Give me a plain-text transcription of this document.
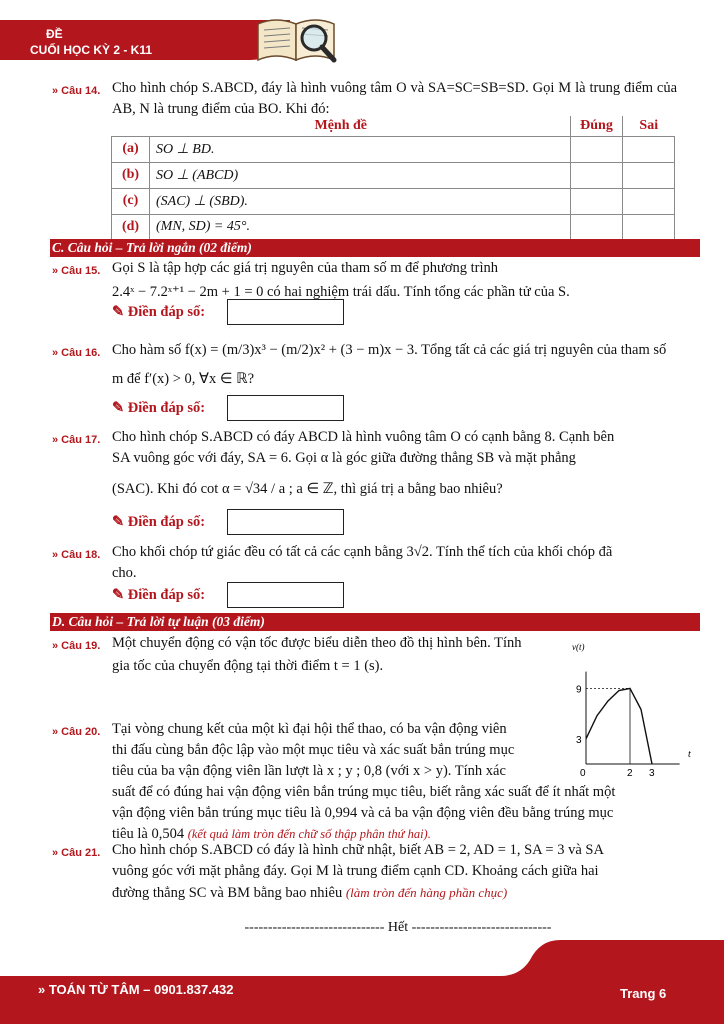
ĐỀ
CUỐI HỌC KỲ 2 - K11
» Câu 14. Cho hình chóp S.ABCD, đáy là hình vuông tâm O và SA=SC=SB=SD. Gọi M là trung điểm của AB, N là trung điểm của BO. Khi đó:
Mệnh đề		Đúng	Sai
(a)	SO ⊥ BD.		
(b)	SO ⊥ (ABCD)		
(c)	(SAC) ⊥ (SBD).		
(d)	(MN, SD) = 45°.		
C. Câu hỏi – Trả lời ngắn (02 điểm)
» Câu 15. Gọi S là tập hợp các giá trị nguyên của tham số m để phương trình
2.4ˣ − 7.2ˣ⁺¹ − 2m + 1 = 0 có hai nghiệm trái dấu. Tính tổng các phần tử của S.
✎ Điền đáp số:
» Câu 16. Cho hàm số f(x) = (m/3)x³ − (m/2)x² + (3 − m)x − 3. Tổng tất cả các giá trị nguyên của tham số
m để f′(x) > 0, ∀x ∈ ℝ?
✎ Điền đáp số:
» Câu 17. Cho hình chóp S.ABCD có đáy ABCD là hình vuông tâm O có cạnh bằng 8. Cạnh bên
SA vuông góc với đáy, SA = 6. Gọi α là góc giữa đường thẳng SB và mặt phẳng
(SAC). Khi đó cot α = √34 / a ; a ∈ ℤ, thì giá trị a bằng bao nhiêu?
✎ Điền đáp số:
» Câu 18. Cho khối chóp tứ giác đều có tất cả các cạnh bằng 3√2. Tính thể tích của khối chóp đã
cho.
✎ Điền đáp số:
D. Câu hỏi – Trả lời tự luận (03 điểm)
» Câu 19. Một chuyển động có vận tốc được biểu diễn theo đồ thị hình bên. Tính
gia tốc của chuyển động tại thời điểm t = 1 (s).
v(t)
t
0	2 3
3
9
» Câu 20. Tại vòng chung kết của một kì đại hội thể thao, có ba vận động viên
thi đấu cùng bắn độc lập vào một mục tiêu và xác suất bắn trúng mục
tiêu của ba vận động viên lần lượt là x ; y ; 0,8 (với x > y). Tính xác
suất để có đúng hai vận động viên bắn trúng mục tiêu, biết rằng xác suất để ít nhất một
vận động viên bắn trúng mục tiêu là 0,994 và cả ba vận động viên đều bằng trúng mục
tiêu là 0,504 (kết quả làm tròn đến chữ số thập phân thứ hai).
» Câu 21. Cho hình chóp S.ABCD có đáy là hình chữ nhật, biết AB = 2, AD = 1, SA = 3 và SA
vuông góc với mặt phẳng đáy. Gọi M là trung điểm cạnh CD. Khoảng cách giữa hai
đường thẳng SC và BM bằng bao nhiêu (làm tròn đến hàng phần chục)
------------------------------ Hết ------------------------------
» TOÁN TỪ TÂM – 0901.837.432	Trang 6
